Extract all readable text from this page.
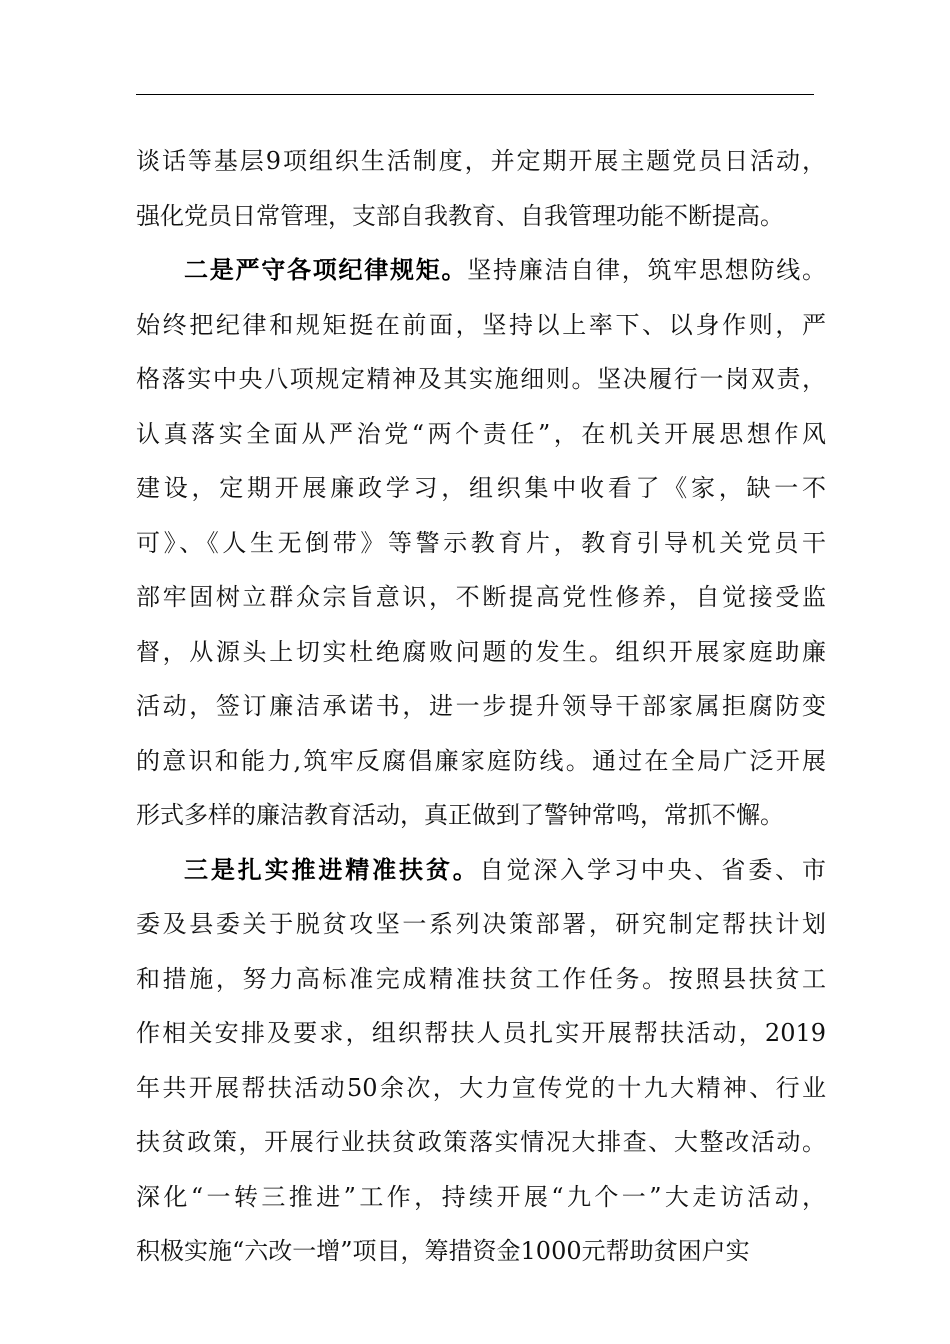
谈话等基层9项组织生活制度，并定期开展主题党员日活动，
强化党员日常管理，支部自我教育、自我管理功能不断提高。
二是严守各项纪律规矩。坚持廉洁自律，筑牢思想防线。
始终把纪律和规矩挺在前面，坚持以上率下、以身作则，严
格落实中央八项规定精神及其实施细则。坚决履行一岗双责，
认真落实全面从严治党“两个责任”，在机关开展思想作风
建设，定期开展廉政学习，组织集中收看了《家，缺一不
可》、《人生无倒带》等警示教育片，教育引导机关党员干
部牢固树立群众宗旨意识，不断提高党性修养，自觉接受监
督，从源头上切实杜绝腐败问题的发生。组织开展家庭助廉
活动，签订廉洁承诺书，进一步提升领导干部家属拒腐防变
的意识和能力,筑牢反腐倡廉家庭防线。通过在全局广泛开展
形式多样的廉洁教育活动，真正做到了警钟常鸣，常抓不懈。
三是扎实推进精准扶贫。自觉深入学习中央、省委、市
委及县委关于脱贫攻坚一系列决策部署，研究制定帮扶计划
和措施，努力高标准完成精准扶贫工作任务。按照县扶贫工
作相关安排及要求，组织帮扶人员扎实开展帮扶活动，2019
年共开展帮扶活动50余次，大力宣传党的十九大精神、行业
扶贫政策，开展行业扶贫政策落实情况大排查、大整改活动。
深化“一转三推进”工作，持续开展“九个一”大走访活动，
积极实施“六改一增”项目，筹措资金1000元帮助贫困户实
